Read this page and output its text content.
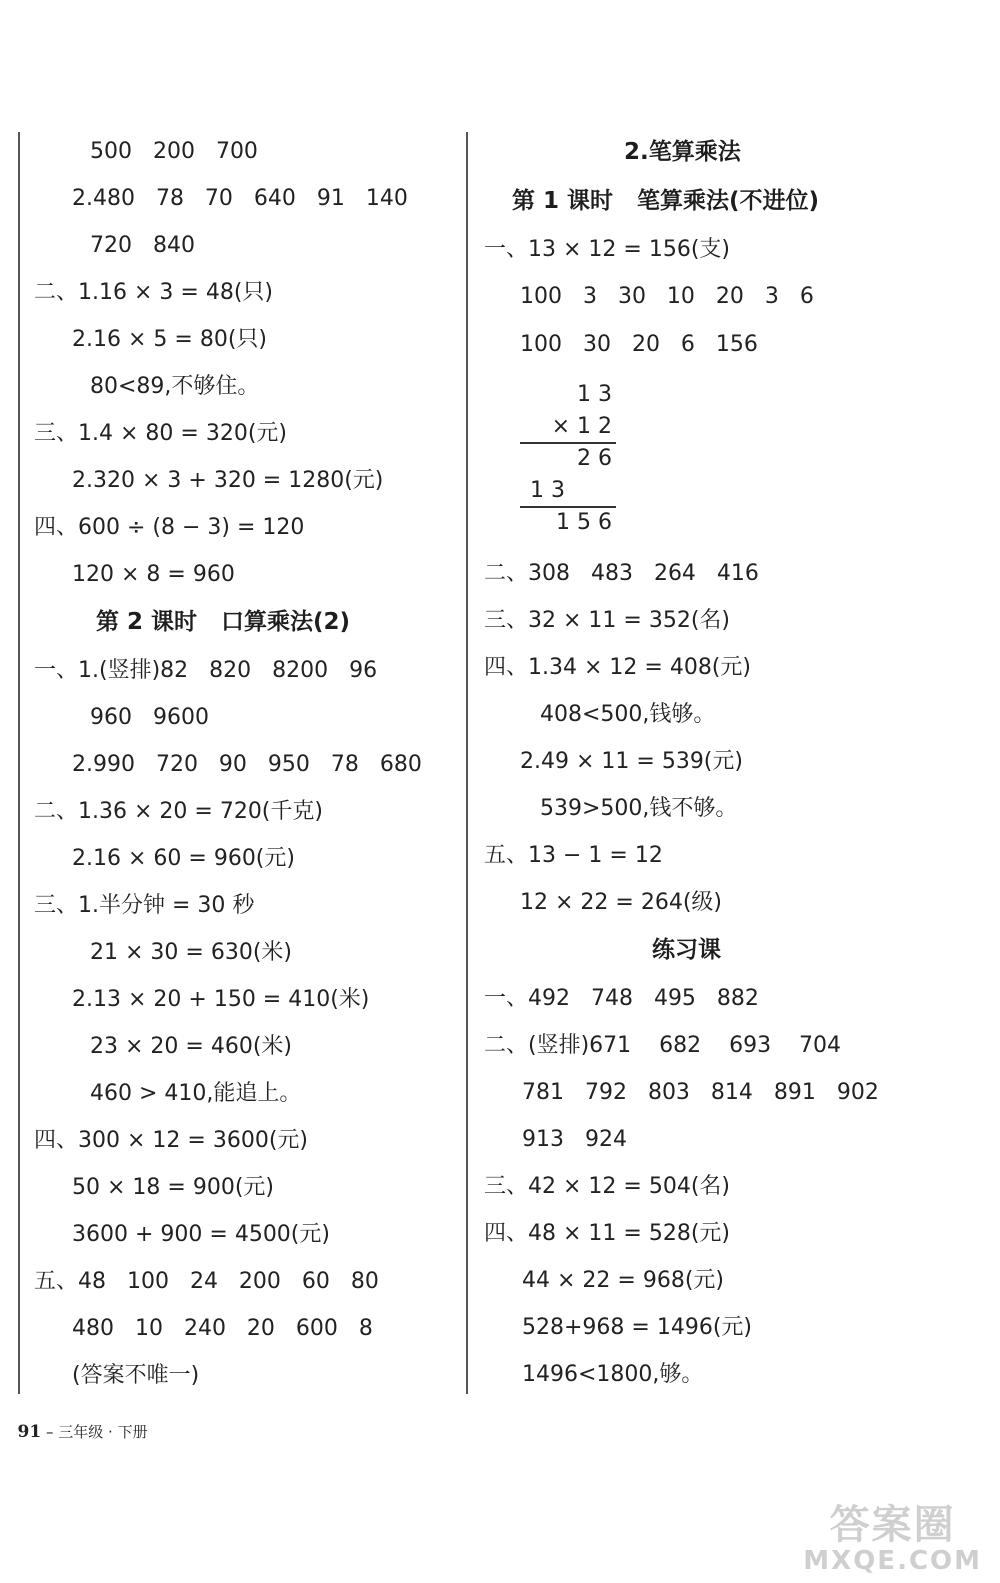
500   200   700
2.480   78   70   640   91   140
720   840
二、1.16 × 3 = 48(只)
2.16 × 5 = 80(只)
80<89,不够住。
三、1.4 × 80 = 320(元)
2.320 × 3 + 320 = 1280(元)
四、600 ÷ (8 − 3) = 120
120 × 8 = 960
第 2 课时   口算乘法(2)
一、1.(竖排)82   820   8200   96
960   9600
2.990   720   90   950   78   680
二、1.36 × 20 = 720(千克)
2.16 × 60 = 960(元)
三、1.半分钟 = 30 秒
21 × 30 = 630(米)
2.13 × 20 + 150 = 410(米)
23 × 20 = 460(米)
460 > 410,能追上。
四、300 × 12 = 3600(元)
50 × 18 = 900(元)
3600 + 900 = 4500(元)
五、48   100   24   200   60   80
480   10   240   20   600   8
(答案不唯一)
2.笔算乘法
第 1 课时   笔算乘法(不进位)
一、13 × 12 = 156(支)
100   3   30   10   20   3   6
100   30   20   6   156

1 3

× 1 2

2 6

1 3

1 5 6

二、308   483   264   416
三、32 × 11 = 352(名)
四、1.34 × 12 = 408(元)
408<500,钱够。
2.49 × 11 = 539(元)
539>500,钱不够。
五、13 − 1 = 12
12 × 22 = 264(级)
练习课
一、492   748   495   882
二、(竖排)671    682    693    704
781   792   803   814   891   902
913   924
三、42 × 12 = 504(名)
四、48 × 11 = 528(元)
44 × 22 = 968(元)
528+968 = 1496(元)
1496<1800,够。

91 – 三年级 · 下册

答案圈
MXQE.COM
